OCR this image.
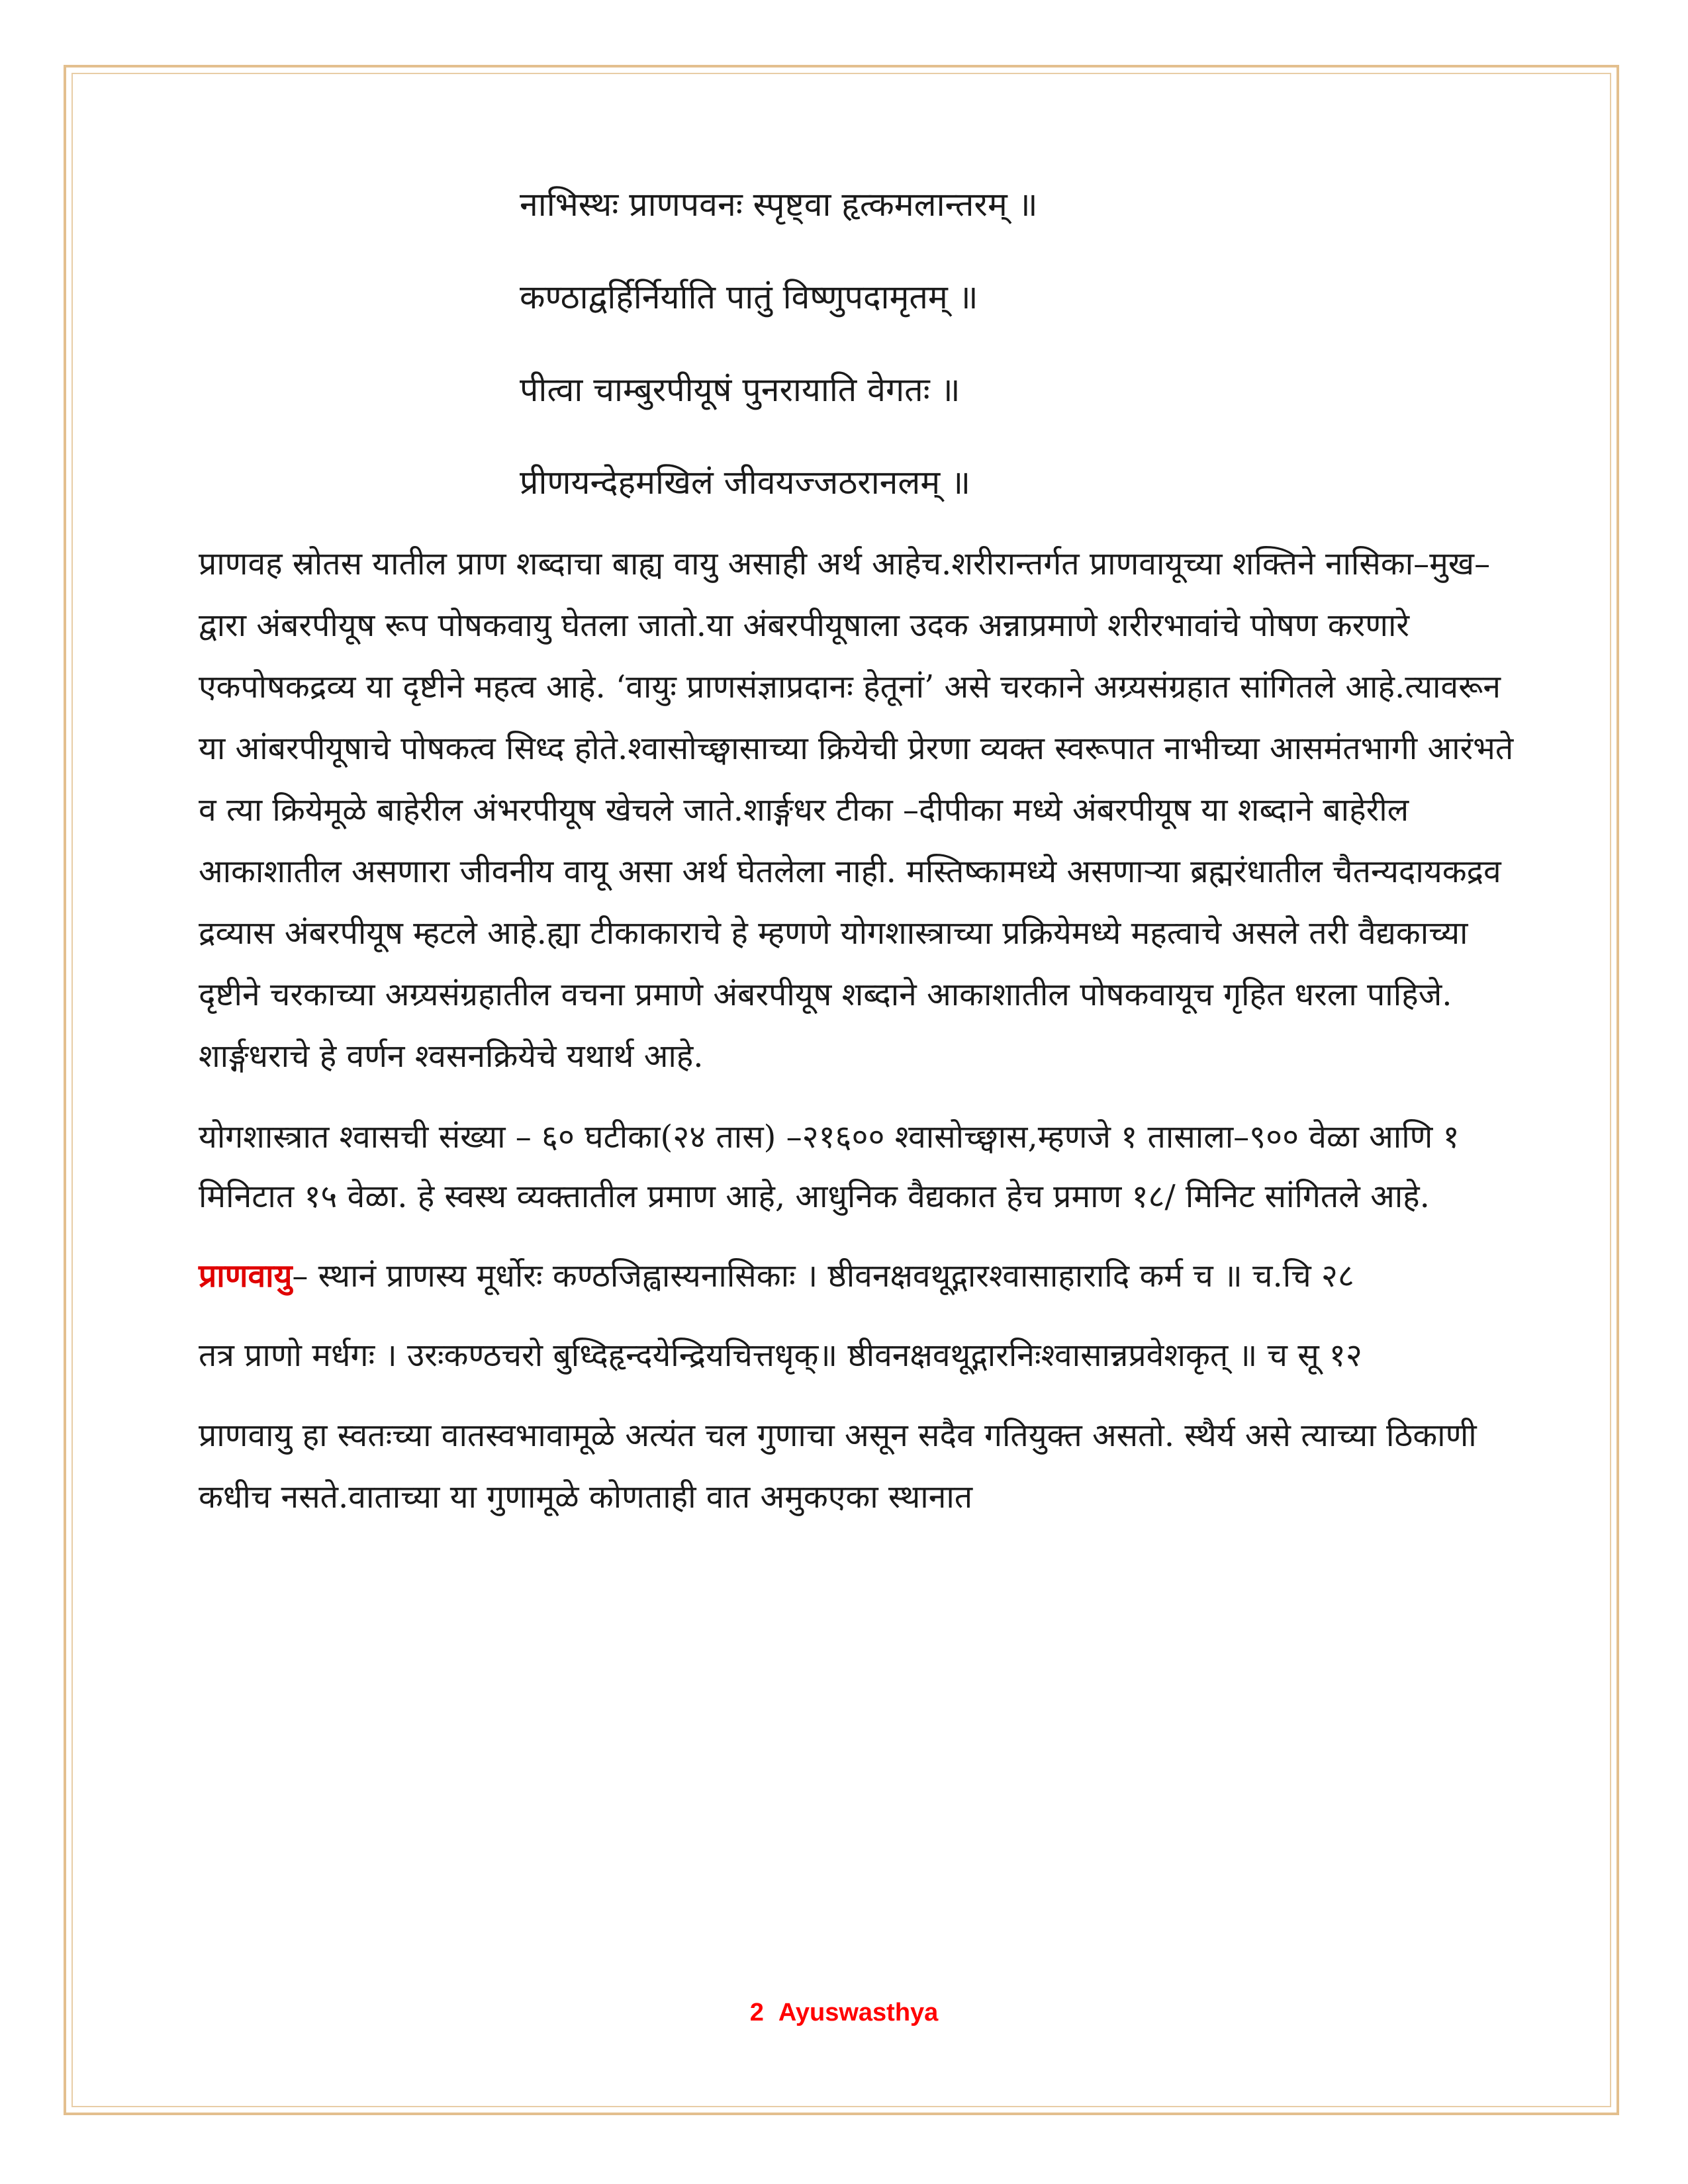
नाभिस्थः प्राणपवनः स्पृष्ट्वा हृत्कमलान्तरम् ॥
कण्ठाद्वर्हिर्निर्याति पातुं विष्णुपदामृतम् ॥
पीत्वा चाम्बुरपीयूषं पुनरायाति वेगतः ॥
प्रीणयन्देहमखिलं जीवयज्जठरानलम् ॥

प्राणवह स्रोतस यातील प्राण शब्दाचा बाह्य वायु असाही अर्थ आहेच.शरीरान्तर्गत प्राणवायूच्या शक्तिने नासिका–मुख–द्वारा अंबरपीयूष रूप पोषकवायु घेतला जातो.या अंबरपीयूषाला उदक अन्नाप्रमाणे शरीरभावांचे पोषण करणारे एकपोषकद्रव्य या दृष्टीने महत्व आहे. ‘वायुः प्राणसंज्ञाप्रदानः हेतूनां’ असे चरकाने अग्र्यसंग्रहात सांगितले आहे.त्यावरून या आंबरपीयूषाचे पोषकत्व सिध्द होते.श्वासोच्छ्वासाच्या क्रियेची प्रेरणा व्यक्त स्वरूपात नाभीच्या आसमंतभागी आरंभते व त्या क्रियेमूळे बाहेरील अंभरपीयूष खेचले जाते.शार्ङ्गधर टीका –दीपीका मध्ये अंबरपीयूष या शब्दाने बाहेरील आकाशातील असणारा जीवनीय वायू असा अर्थ घेतलेला नाही. मस्तिष्कामध्ये असणाऱ्या ब्रह्मरंधातील चैतन्यदायकद्रव द्रव्यास अंबरपीयूष म्हटले आहे.ह्या टीकाकाराचे हे म्हणणे योगशास्त्राच्या प्रक्रियेमध्ये महत्वाचे असले तरी वैद्यकाच्या दृष्टीने चरकाच्या अग्र्यसंग्रहातील वचना प्रमाणे अंबरपीयूष शब्दाने आकाशातील पोषकवायूच गृहित धरला पाहिजे. शार्ङ्गधराचे हे वर्णन श्वसनक्रियेचे यथार्थ आहे.

योगशास्त्रात श्वासची संख्या – ६० घटीका(२४ तास) –२१६०० श्वासोच्छ्वास,म्हणजे १ तासाला–९०० वेळा आणि १ मिनिटात १५ वेळा. हे स्वस्थ व्यक्तातील प्रमाण आहे, आधुनिक वैद्यकात हेच प्रमाण १८/ मिनिट सांगितले आहे.

प्राणवायु– स्थानं प्राणस्य मूर्धोरः कण्ठजिह्वास्यनासिकाः । ष्ठीवनक्षवथूद्गारश्वासाहारादि कर्म च ॥ च.चि २८

तत्र प्राणो मर्धगः । उरःकण्ठचरो बुध्दिहृन्दयेन्द्रियचित्तधृक्॥ ष्ठीवनक्षवथूद्गारनिःश्वासान्नप्रवेशकृत् ॥ च सू १२

प्राणवायु हा स्वतःच्या वातस्वभावामूळे अत्यंत चल गुणाचा असून सदैव गतियुक्त असतो. स्थैर्य असे त्याच्या ठिकाणी कधीच नसते.वाताच्या या गुणामूळे कोणताही वात अमुकएका स्थानात

2 Ayuswasthya
